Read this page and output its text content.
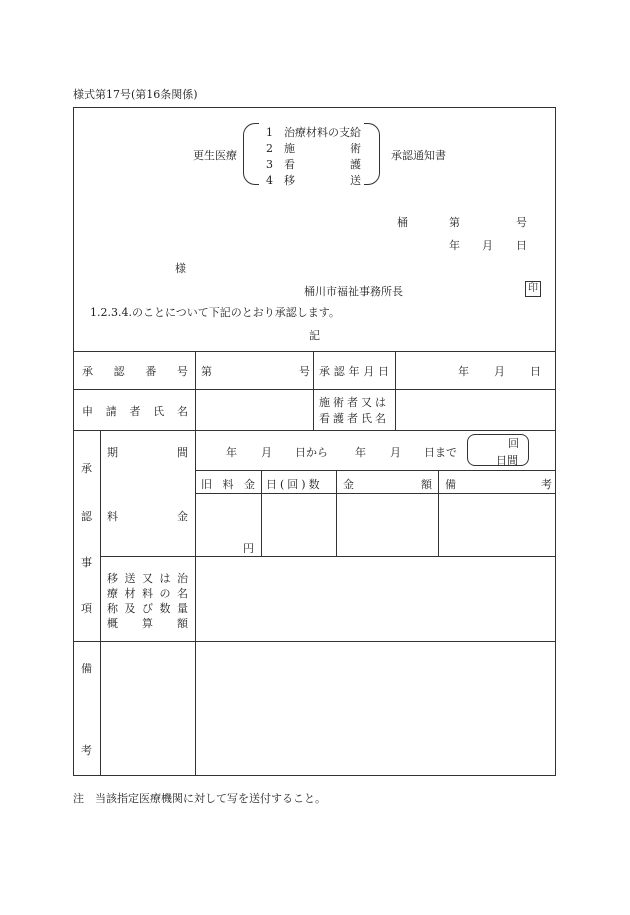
様式第17号(第16条関係)
更生医療
1　治療材料の支給
2　施　　　　　術
3　看　　　　　護
4　移　　　　　送
承認通知書
桶	第	号
年 月 日
様
桶川市福祉事務所長	印
1.2.3.4.のことについて下記のとおり承認します。
記
承 認 番 号 第	号 承 認 年 月 日	年 月 日
申 請 者 氏 名
施術者又は
看護者氏名
承
認
事
項
期	間	年 月 日から 年 月 日まで
回
日間
料	金
旧 料 金 日(回)数 金	額 備	考
円
移 送 又 は 治
療 材 料 の 名
称 及 び 数 量
概 算 額
備
考
注　当該指定医療機関に対して写を送付すること。
